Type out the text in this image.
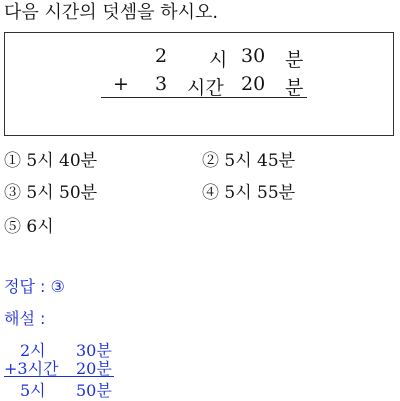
다음 시간의 덧셈을 하시오.
2 시 30 분
+ 3 시간 20 분
① 5시 40분	② 5시 45분
③ 5시 50분	④ 5시 55분
⑤ 6시
정답 : ③
해설 :
2시 30분
+3시간 20분
5시 50분
